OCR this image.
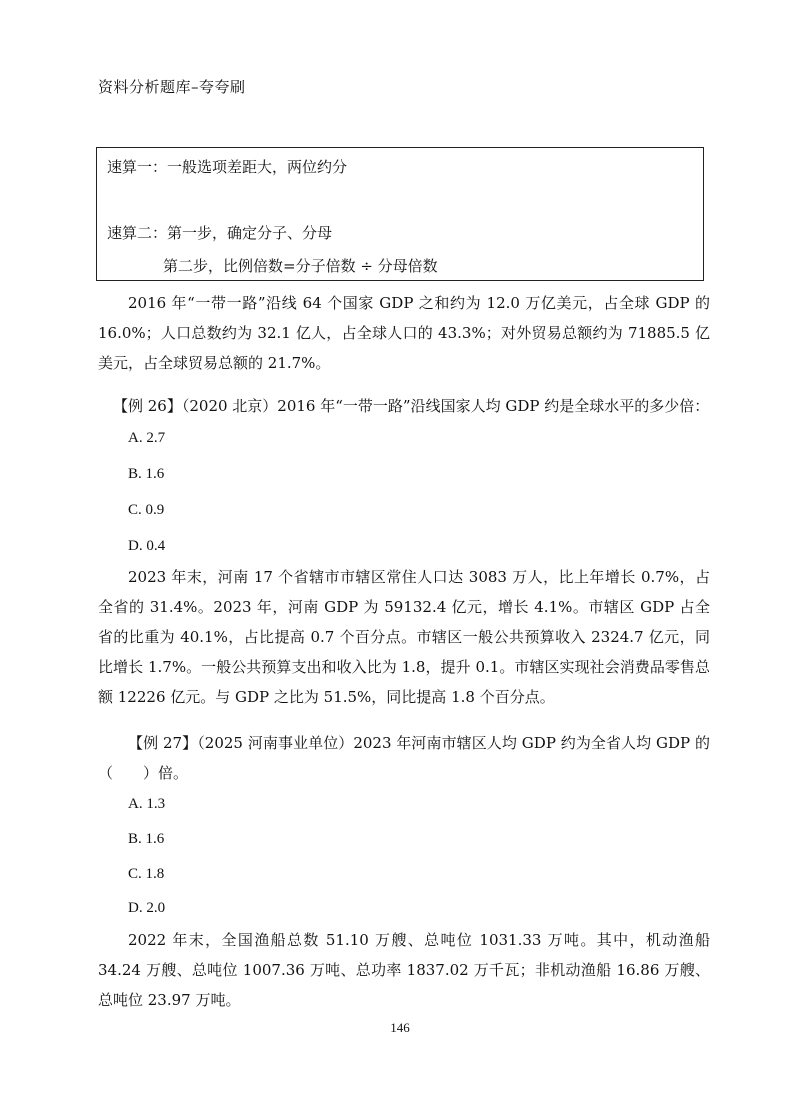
资料分析题库–夸夸刷
速算一：一般选项差距大，两位约分
速算二：第一步，确定分子、分母
第二步，比例倍数=分子倍数 ÷ 分母倍数

2016 年“一带一路”沿线 64 个国家 GDP 之和约为 12.0 万亿美元，占全球 GDP 的 16.0%；人口总数约为 32.1 亿人，占全球人口的 43.3%；对外贸易总额约为 71885.5 亿美元，占全球贸易总额的 21.7%。

【例 26】（2020 北京）2016 年“一带一路”沿线国家人均 GDP 约是全球水平的多少倍：
A. 2.7
B. 1.6
C. 0.9
D. 0.4

2023 年末，河南 17 个省辖市市辖区常住人口达 3083 万人，比上年增长 0.7%，占全省的 31.4%。2023 年，河南 GDP 为 59132.4 亿元，增长 4.1%。市辖区 GDP 占全省的比重为 40.1%，占比提高 0.7 个百分点。市辖区一般公共预算收入 2324.7 亿元，同比增长 1.7%。一般公共预算支出和收入比为 1.8，提升 0.1。市辖区实现社会消费品零售总额 12226 亿元。与 GDP 之比为 51.5%，同比提高 1.8 个百分点。

【例 27】（2025 河南事业单位）2023 年河南市辖区人均 GDP 约为全省人均 GDP 的（　　）倍。

A. 1.3
B. 1.6
C. 1.8
D. 2.0

2022 年末，全国渔船总数 51.10 万艘、总吨位 1031.33 万吨。其中，机动渔船 34.24 万艘、总吨位 1007.36 万吨、总功率 1837.02 万千瓦；非机动渔船 16.86 万艘、总吨位 23.97 万吨。

146
